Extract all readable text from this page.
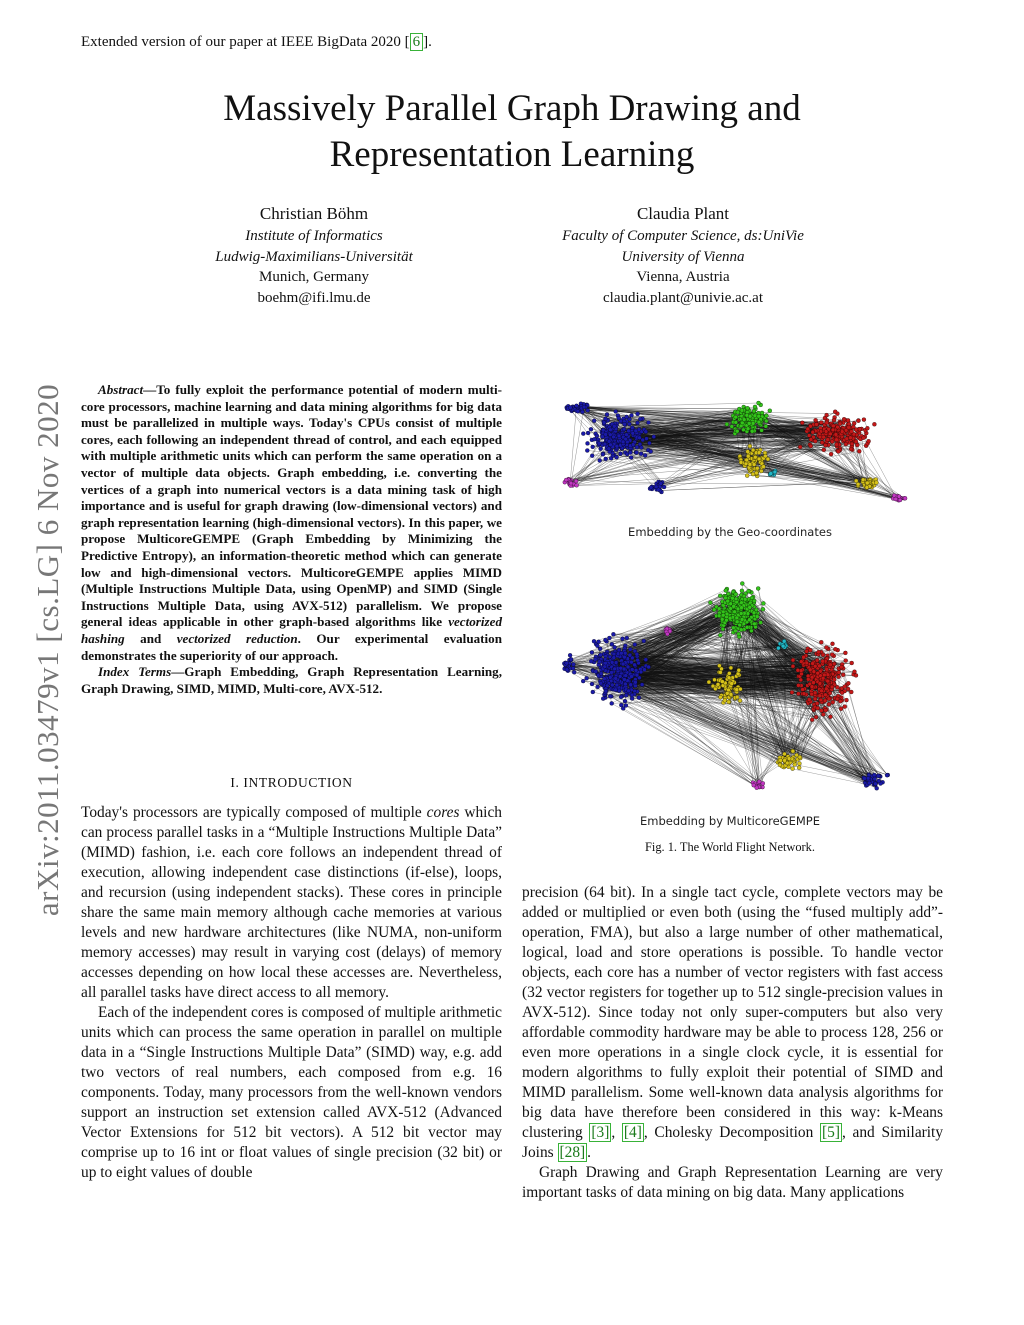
Extended version of our paper at IEEE BigData 2020 [ 6 ].
Massively Parallel Graph Drawing and
Representation Learning
Christian Böhm
Institute of Informatics
Ludwig-Maximilians-Universität
Munich, Germany
boehm@ifi.lmu.de
Claudia Plant
Faculty of Computer Science, ds:UniVie
University of Vienna
Vienna, Austria
claudia.plant@univie.ac.at
arXiv:2011.03479v1 [cs.LG] 6 Nov 2020	Abstract—To fully exploit the performance potential of modern multi-core processors, machine learning and data mining algorithms for big data must be parallelized in multiple ways. Today's CPUs consist of multiple cores, each following an independent thread of control, and each equipped with multiple arithmetic units which can perform the same operation on a vector of multiple data objects. Graph embedding, i.e. converting the vertices of a graph into numerical vectors is a data mining task of high importance and is useful for graph drawing (low-dimensional vectors) and graph representation learning (high-dimensional vectors). In this paper, we propose MulticoreGEMPE (Graph Embedding by Minimizing the Predictive Entropy), an information-theoretic method which can generate low and high-dimensional vectors. MulticoreGEMPE applies MIMD (Multiple Instructions Multiple Data, using OpenMP) and SIMD (Single Instructions Multiple Data, using AVX-512) parallelism. We propose general ideas applicable in other graph-based algorithms like vectorized hashing and vectorized reduction. Our experimental evaluation demonstrates the superiority of our approach.

Index Terms—Graph Embedding, Graph Representation Learning, Graph Drawing, SIMD, MIMD, Multi-core, AVX-512.

I. INTRODUCTION

Today's processors are typically composed of multiple cores which can process parallel tasks in a “Multiple Instructions Multiple Data” (MIMD) fashion, i.e. each core follows an independent thread of execution, allowing independent case distinctions (if-else), loops, and recursion (using independent stacks). These cores in principle share the same main memory although cache memories at various levels and new hardware architectures (like NUMA, non-uniform memory accesses) may result in varying cost (delays) of memory accesses depending on how local these accesses are. Nevertheless, all parallel tasks have direct access to all memory.

Each of the independent cores is composed of multiple arithmetic units which can process the same operation in parallel on multiple data in a “Single Instructions Multiple Data” (SIMD) way, e.g. add two vectors of real numbers, each composed from e.g. 16 components. Today, many processors from the well-known vendors support an instruction set extension called AVX-512 (Advanced Vector Extensions for 512 bit vectors). A 512 bit vector may comprise up to 16 int or float values of single precision (32 bit) or up to eight values of double

precision (64 bit). In a single tact cycle, complete vectors may be added or multiplied or even both (using the “fused multiply add”-operation, FMA), but also a large number of other mathematical, logical, load and store operations is possible. To handle vector objects, each core has a number of vector registers with fast access (32 vector registers for together up to 512 single-precision values in AVX-512). Since today not only super-computers but also very affordable commodity hardware may be able to process 128, 256 or even more operations in a single clock cycle, it is essential for modern algorithms to fully exploit their potential of SIMD and MIMD parallelism. Some well-known data analysis algorithms for big data have therefore been considered in this way: k-Means clustering [3] , [4] , Cholesky Decomposition [5] , and Similarity Joins [28] .

Graph Drawing and Graph Representation Learning are very important tasks of data mining on big data. Many applications

Embedding by the Geo-coordinates
Embedding by MulticoreGEMPE
Fig. 1. The World Flight Network.
